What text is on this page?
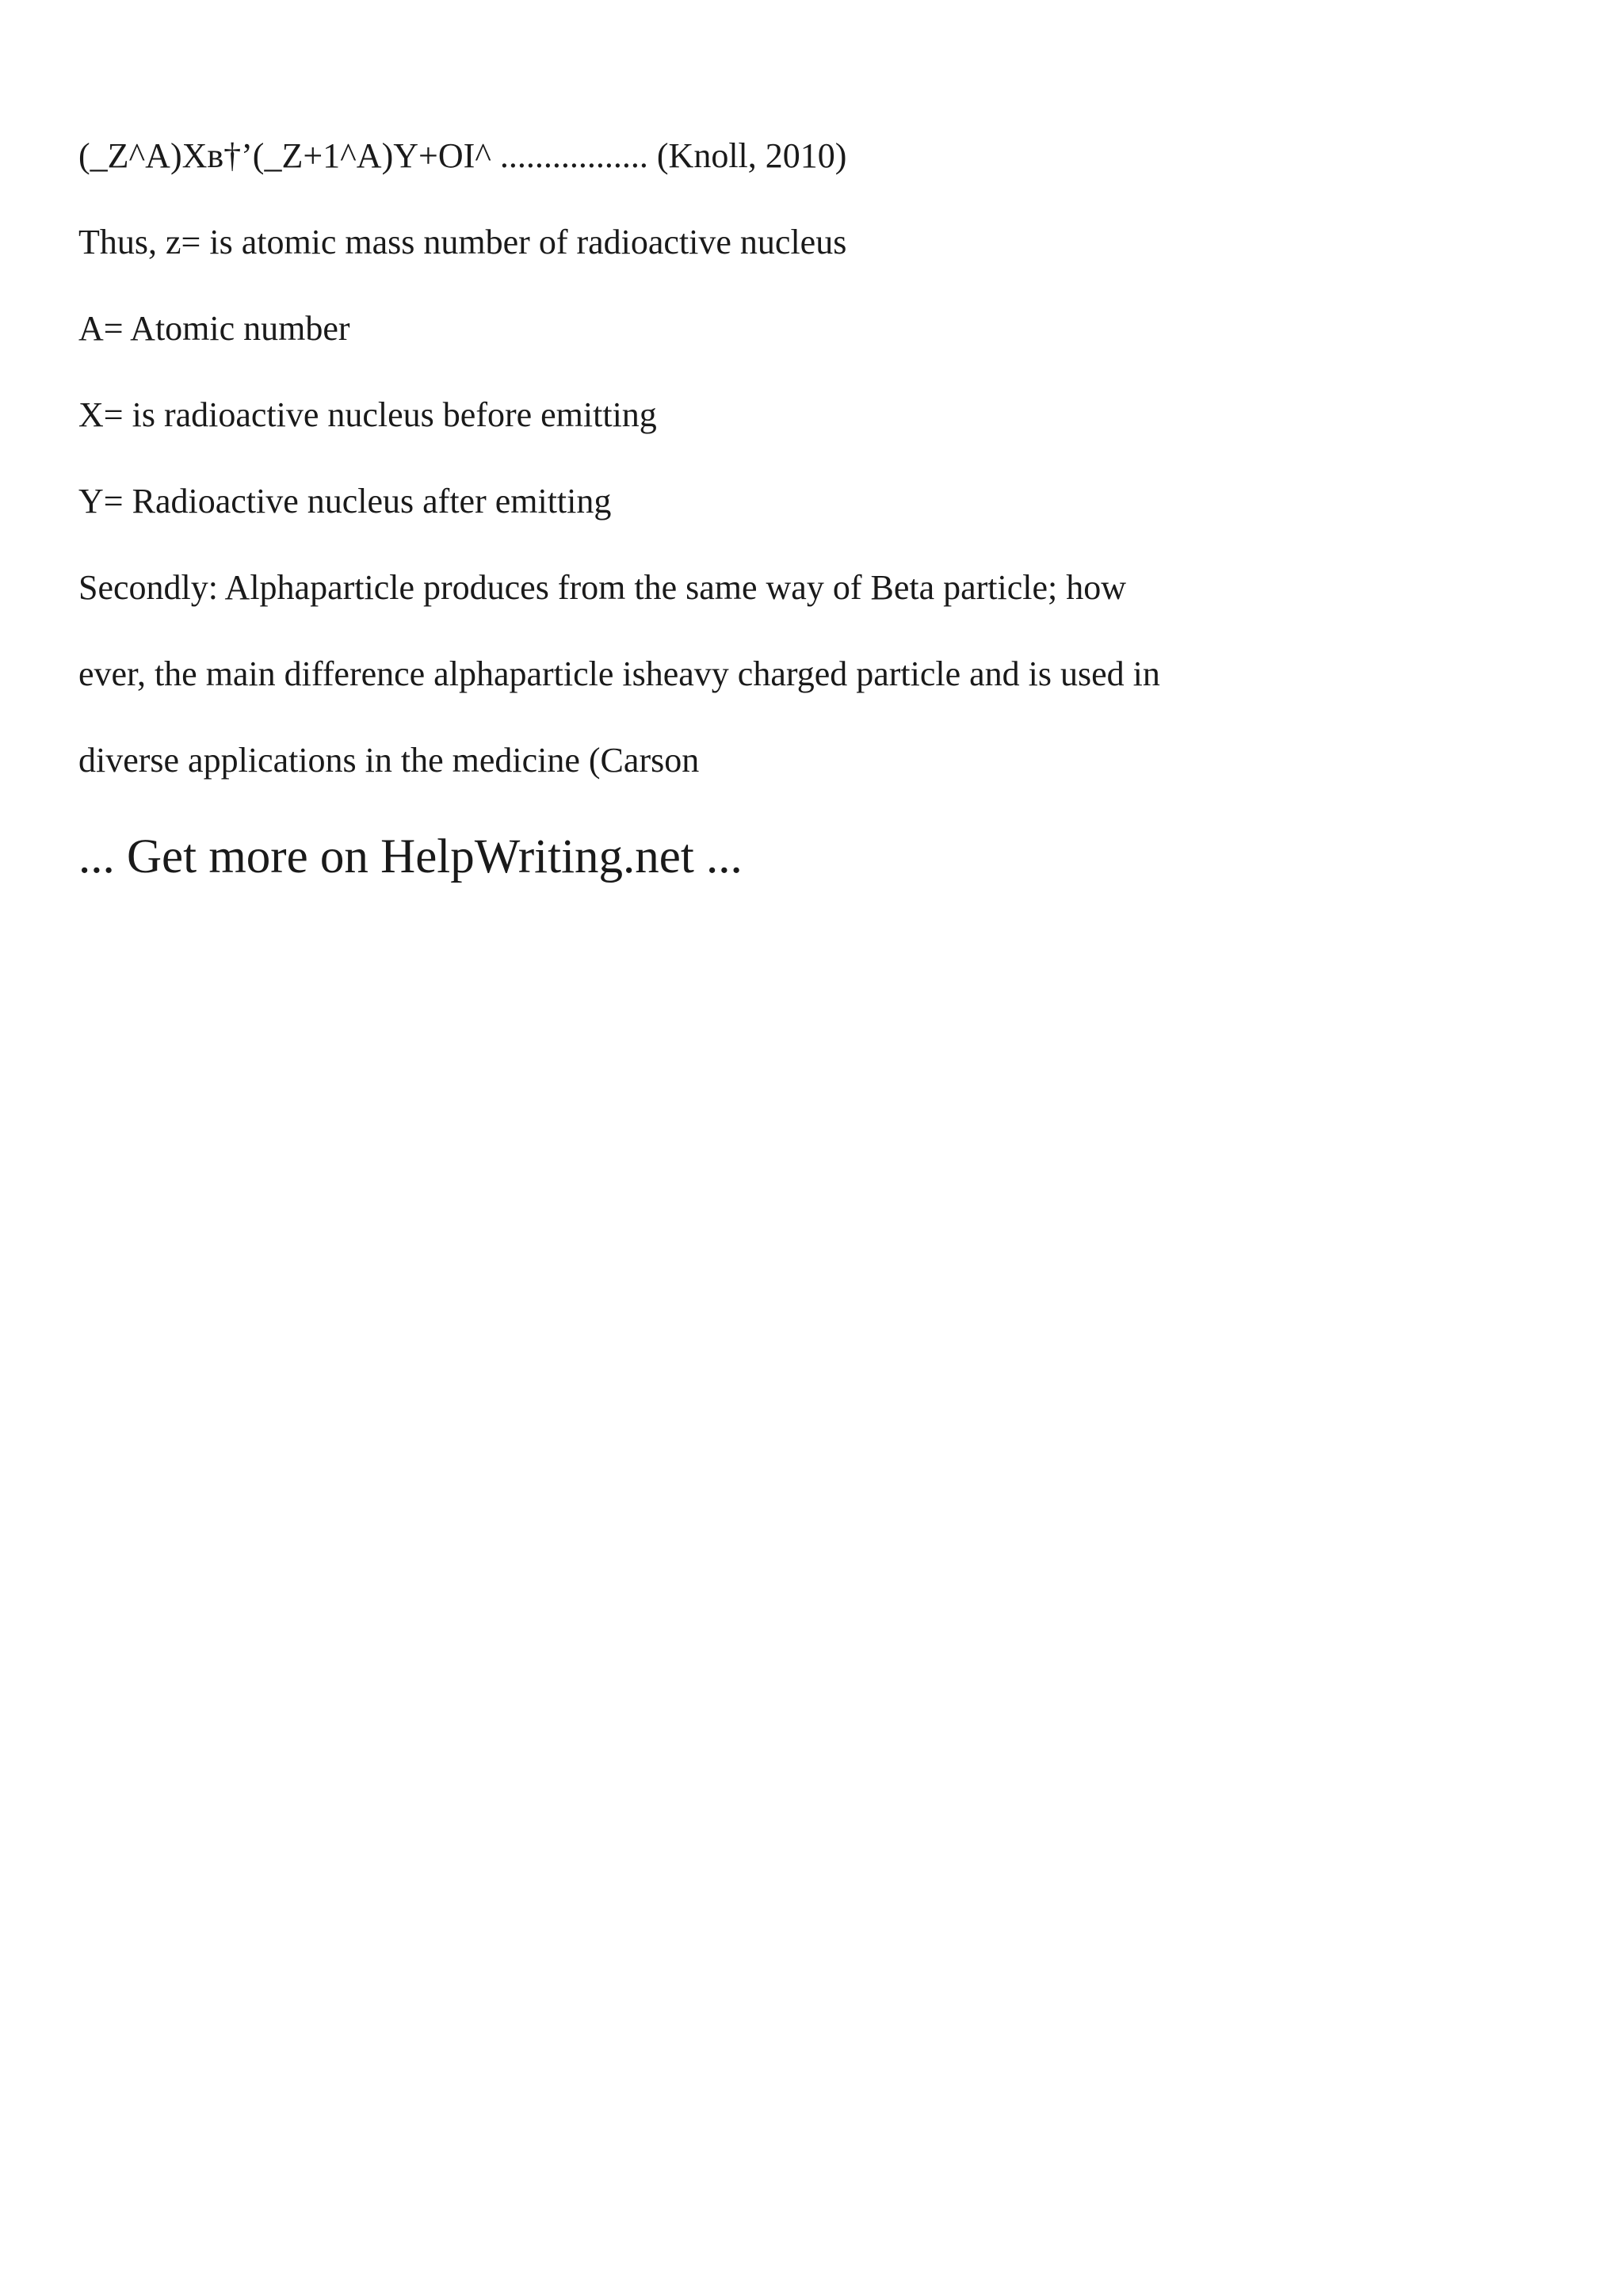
(_Z^A)Xв†’(_Z+1^A)Y+OI^ ................. (Knoll, 2010)

Thus, z= is atomic mass number of radioactive nucleus

A= Atomic number

X= is radioactive nucleus before emitting

Y= Radioactive nucleus after emitting

Secondly: Alphaparticle produces from the same way of Beta particle; how

ever, the main difference alphaparticle isheavy charged particle and is used in

diverse applications in the medicine (Carson

... Get more on HelpWriting.net ...
